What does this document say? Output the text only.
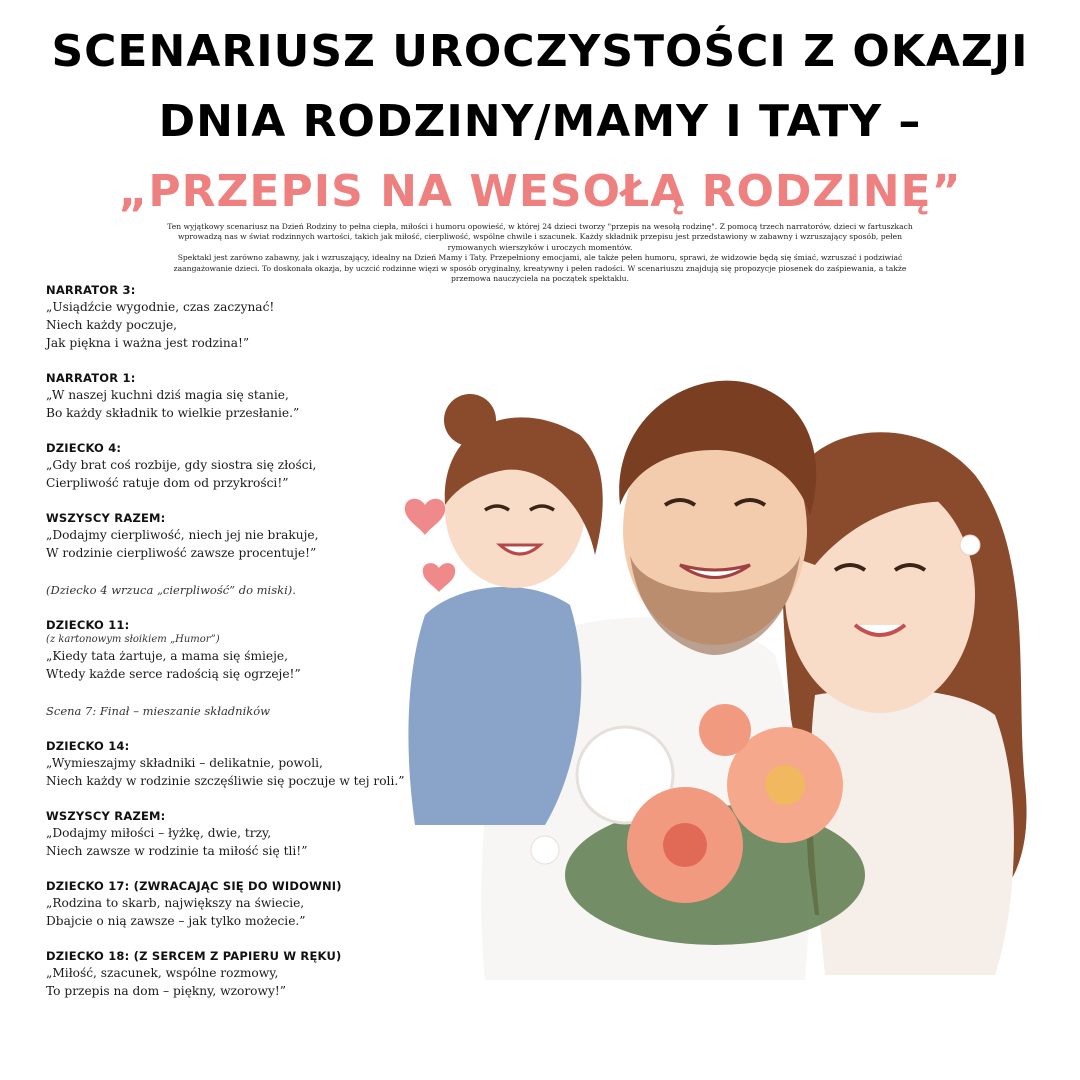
SCENARIUSZ UROCZYSTOŚCI Z OKAZJI
DNIA RODZINY/MAMY I TATY –
„PRZEPIS NA WESOŁĄ RODZINĘ”

Ten wyjątkowy scenariusz na Dzień Rodziny to pełna ciepła, miłości i humoru opowieść, w której 24 dzieci tworzy "przepis na wesołą rodzinę". Z pomocą trzech narratorów, dzieci w fartuszkach wprowadzą nas w świat rodzinnych wartości, takich jak miłość, cierpliwość, wspólne chwile i szacunek. Każdy składnik przepisu jest przedstawiony w zabawny i wzruszający sposób, pełen rymowanych wierszyków i uroczych momentów.

Spektakl jest zarówno zabawny, jak i wzruszający, idealny na Dzień Mamy i Taty. Przepełniony emocjami, ale także pełen humoru, sprawi, że widzowie będą się śmiać, wzruszać i podziwiać zaangażowanie dzieci. To doskonała okazja, by uczcić rodzinne więzi w sposób oryginalny, kreatywny i pełen radości. W scenariuszu znajdują się propozycje piosenek do zaśpiewania, a także przemowa nauczyciela na początek spektaklu.

NARRATOR 3:
„Usiądźcie wygodnie, czas zaczynać!
Niech każdy poczuje,
Jak piękna i ważna jest rodzina!”
NARRATOR 1:
„W naszej kuchni dziś magia się stanie,
Bo każdy składnik to wielkie przesłanie.”
DZIECKO 4:
„Gdy brat coś rozbije, gdy siostra się złości,
Cierpliwość ratuje dom od przykrości!”
WSZYSCY RAZEM:
„Dodajmy cierpliwość, niech jej nie brakuje,
W rodzinie cierpliwość zawsze procentuje!”
(Dziecko 4 wrzuca „cierpliwość” do miski).
DZIECKO 11:
(z kartonowym słoikiem „Humor”)
„Kiedy tata żartuje, a mama się śmieje,
Wtedy każde serce radością się ogrzeje!”
Scena 7: Finał – mieszanie składników
DZIECKO 14:
„Wymieszajmy składniki – delikatnie, powoli,
Niech każdy w rodzinie szczęśliwie się poczuje w tej roli.”
WSZYSCY RAZEM:
„Dodajmy miłości – łyżkę, dwie, trzy,
Niech zawsze w rodzinie ta miłość się tli!”
DZIECKO 17: (ZWRACAJĄC SIĘ DO WIDOWNI)
„Rodzina to skarb, największy na świecie,
Dbajcie o nią zawsze – jak tylko możecie.”
DZIECKO 18: (Z SERCEM Z PAPIERU W RĘKU)
„Miłość, szacunek, wspólne rozmowy,
To przepis na dom – piękny, wzorowy!”
